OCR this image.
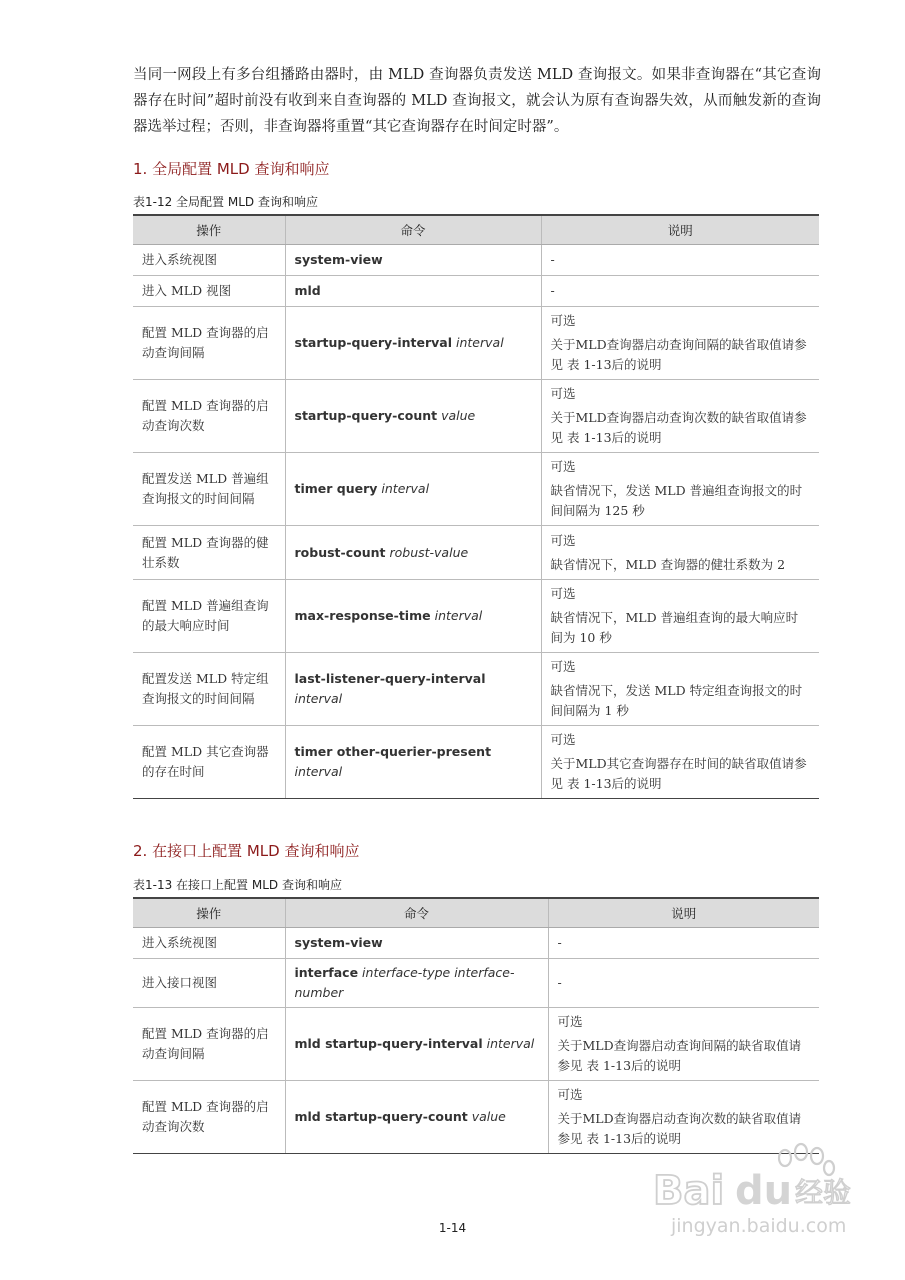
当同一网段上有多台组播路由器时，由 MLD 查询器负责发送 MLD 查询报文。如果非查询器在“其它查询器存在时间”超时前没有收到来自查询器的 MLD 查询报文，就会认为原有查询器失效，从而触发新的查询器选举过程；否则，非查询器将重置“其它查询器存在时间定时器”。

1. 全局配置 MLD 查询和响应

表1-12 全局配置 MLD 查询和响应

操作	命令	说明
进入系统视图	system-view	-

进入 MLD 视图	mld	-

配置 MLD 查询器的启动查询间隔	startup-query-interval interval	可选
关于MLD查询器启动查询间隔的缺省取值请参见 表 1-13后的说明

配置 MLD 查询器的启动查询次数	startup-query-count value	可选
关于MLD查询器启动查询次数的缺省取值请参见 表 1-13后的说明

配置发送 MLD 普遍组查询报文的时间间隔	timer query interval	可选
缺省情况下，发送 MLD 普遍组查询报文的时间间隔为 125 秒

配置 MLD 查询器的健壮系数	robust-count robust-value	可选
缺省情况下，MLD 查询器的健壮系数为 2

配置 MLD 普遍组查询的最大响应时间	max-response-time interval	可选
缺省情况下，MLD 普遍组查询的最大响应时间为 10 秒

配置发送 MLD 特定组查询报文的时间间隔	last-listener-query-interval interval	可选
缺省情况下，发送 MLD 特定组查询报文的时间间隔为 1 秒

配置 MLD 其它查询器的存在时间	timer other-querier-present interval	可选
关于MLD其它查询器存在时间的缺省取值请参见 表 1-13后的说明
2. 在接口上配置 MLD 查询和响应

表1-13 在接口上配置 MLD 查询和响应

操作	命令	说明
进入系统视图	system-view	-

进入接口视图	interface interface-type interface-number	-

配置 MLD 查询器的启动查询间隔	mld startup-query-interval interval	可选
关于MLD查询器启动查询间隔的缺省取值请参见 表 1-13后的说明

配置 MLD 查询器的启动查询次数	mld startup-query-count value	可选
关于MLD查询器启动查询次数的缺省取值请参见 表 1-13后的说明
Bai du 经验
jingyan.baidu.com
1-14
